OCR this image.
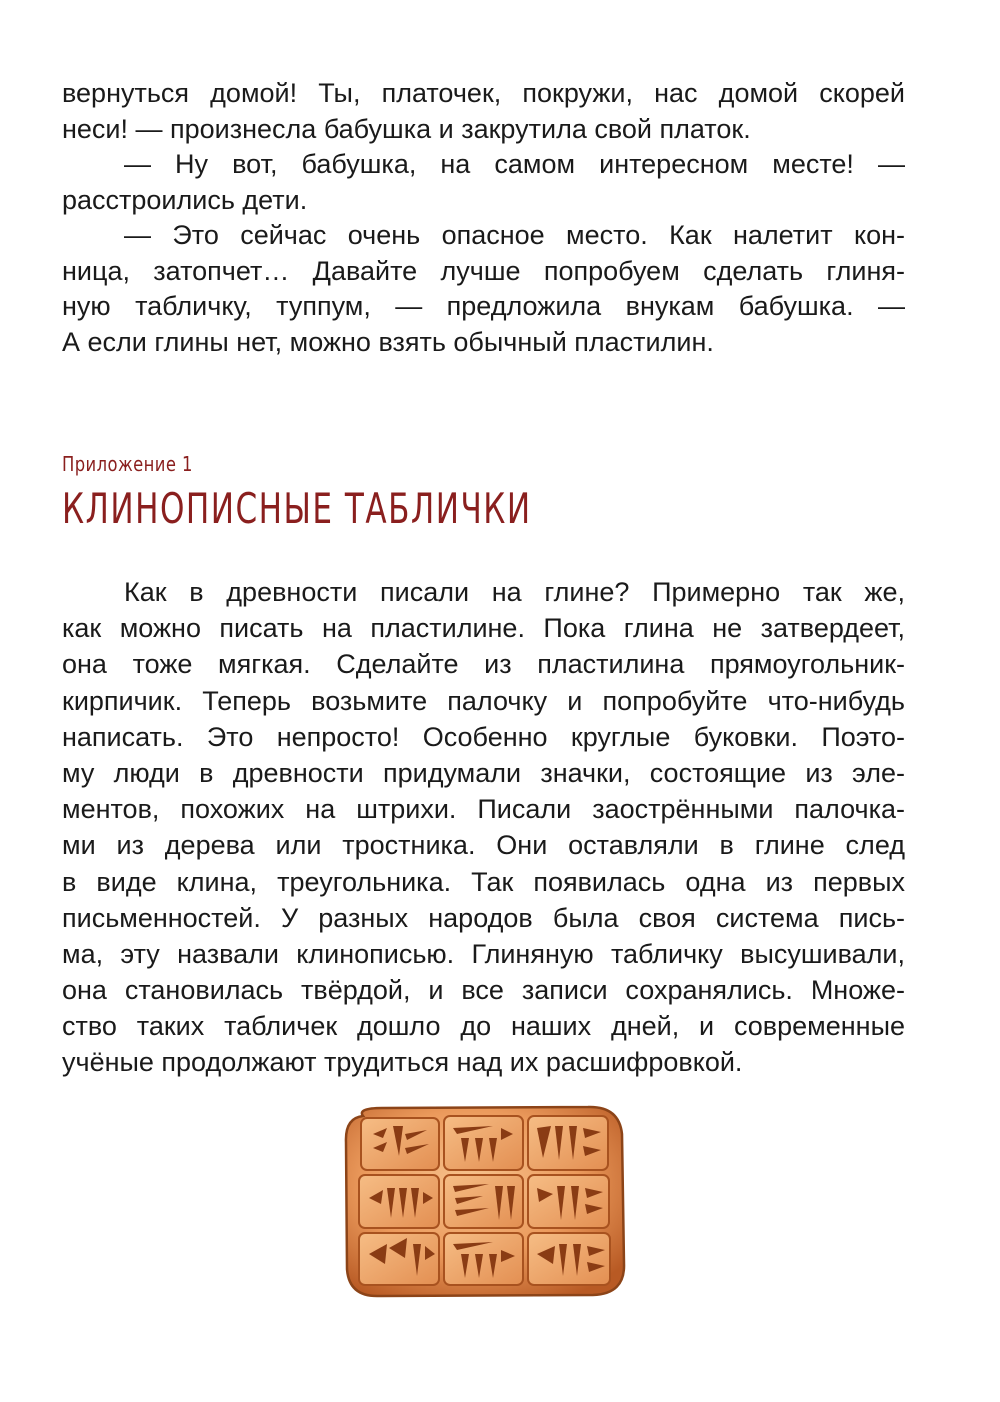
вернуться домой! Ты, платочек, покружи, нас домой скорей
неси! — произнесла бабушка и закрутила свой платок.
— Ну вот, бабушка, на самом интересном месте! —
расстроились дети.
— Это сейчас очень опасное место. Как налетит кон-
ница, затопчет… Давайте лучше попробуем сделать глиня-
ную табличку, туппум, — предложила внукам бабушка. —
А если глины нет, можно взять обычный пластилин.
Приложение 1
КЛИНОПИСНЫЕ ТАБЛИЧКИ
Как в древности писали на глине? Примерно так же,
как можно писать на пластилине. Пока глина не затвердеет,
она тоже мягкая. Сделайте из пластилина прямоугольник-
кирпичик. Теперь возьмите палочку и попробуйте что-нибудь
написать. Это непросто! Особенно круглые буковки. Поэто-
му люди в древности придумали значки, состоящие из эле-
ментов, похожих на штрихи. Писали заострёнными палочка-
ми из дерева или тростника. Они оставляли в глине след
в виде клина, треугольника. Так появилась одна из первых
письменностей. У разных народов была своя система пись-
ма, эту назвали клинописью. Глиняную табличку высушивали,
она становилась твёрдой, и все записи сохранялись. Множе-
ство таких табличек дошло до наших дней, и современные
учёные продолжают трудиться над их расшифровкой.
